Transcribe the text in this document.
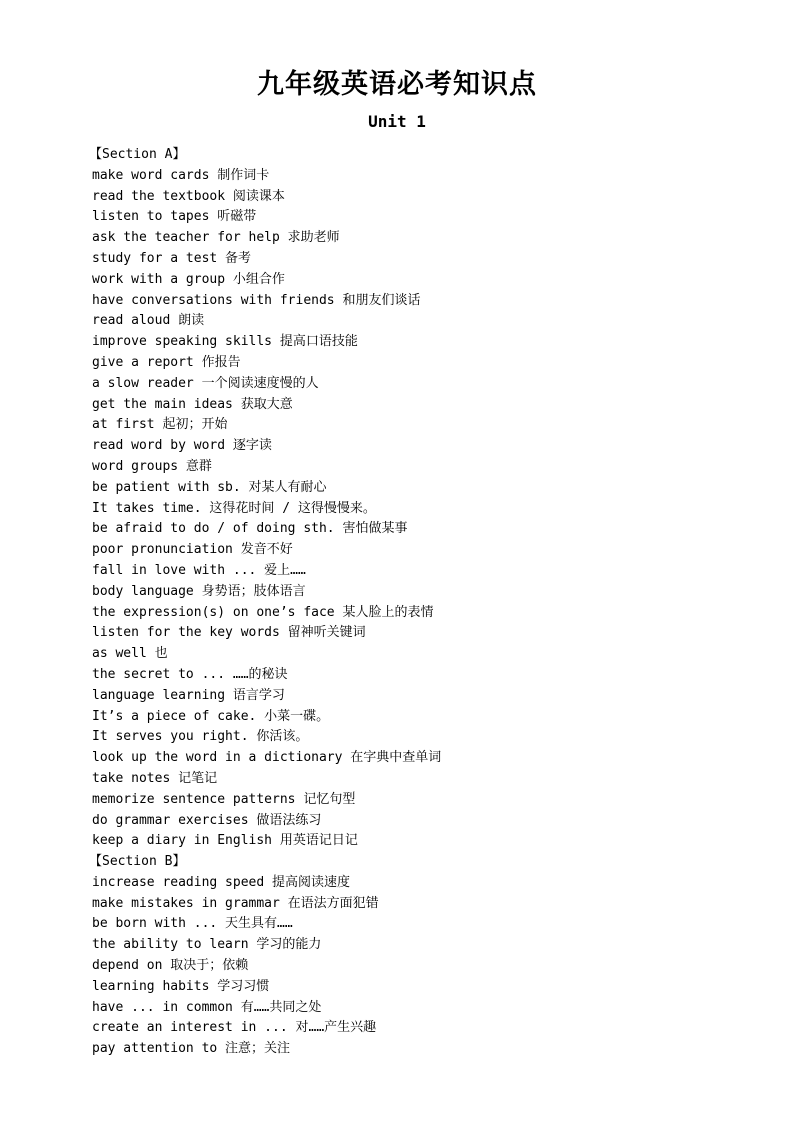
九年级英语必考知识点
Unit 1
【Section A】
make word cards 制作词卡
read the textbook 阅读课本
listen to tapes 听磁带
ask the teacher for help 求助老师
study for a test 备考
work with a group 小组合作
have conversations with friends 和朋友们谈话
read aloud 朗读
improve speaking skills 提高口语技能
give a report 作报告
a slow reader 一个阅读速度慢的人
get the main ideas 获取大意
at first 起初；开始
read word by word 逐字读
word groups 意群
be patient with sb. 对某人有耐心
It takes time. 这得花时间 / 这得慢慢来。
be afraid to do / of doing sth. 害怕做某事
poor pronunciation 发音不好
fall in love with ... 爱上……
body language 身势语；肢体语言
the expression(s) on one’s face 某人脸上的表情
listen for the key words 留神听关键词
as well 也
the secret to ... ……的秘诀
language learning 语言学习
It’s a piece of cake. 小菜一碟。
It serves you right. 你活该。
look up the word in a dictionary 在字典中查单词
take notes 记笔记
memorize sentence patterns 记忆句型
do grammar exercises 做语法练习
keep a diary in English 用英语记日记
【Section B】
increase reading speed 提高阅读速度
make mistakes in grammar 在语法方面犯错
be born with ... 天生具有……
the ability to learn 学习的能力
depend on 取决于；依赖
learning habits 学习习惯
have ... in common 有……共同之处
create an interest in ... 对……产生兴趣
pay attention to 注意；关注
